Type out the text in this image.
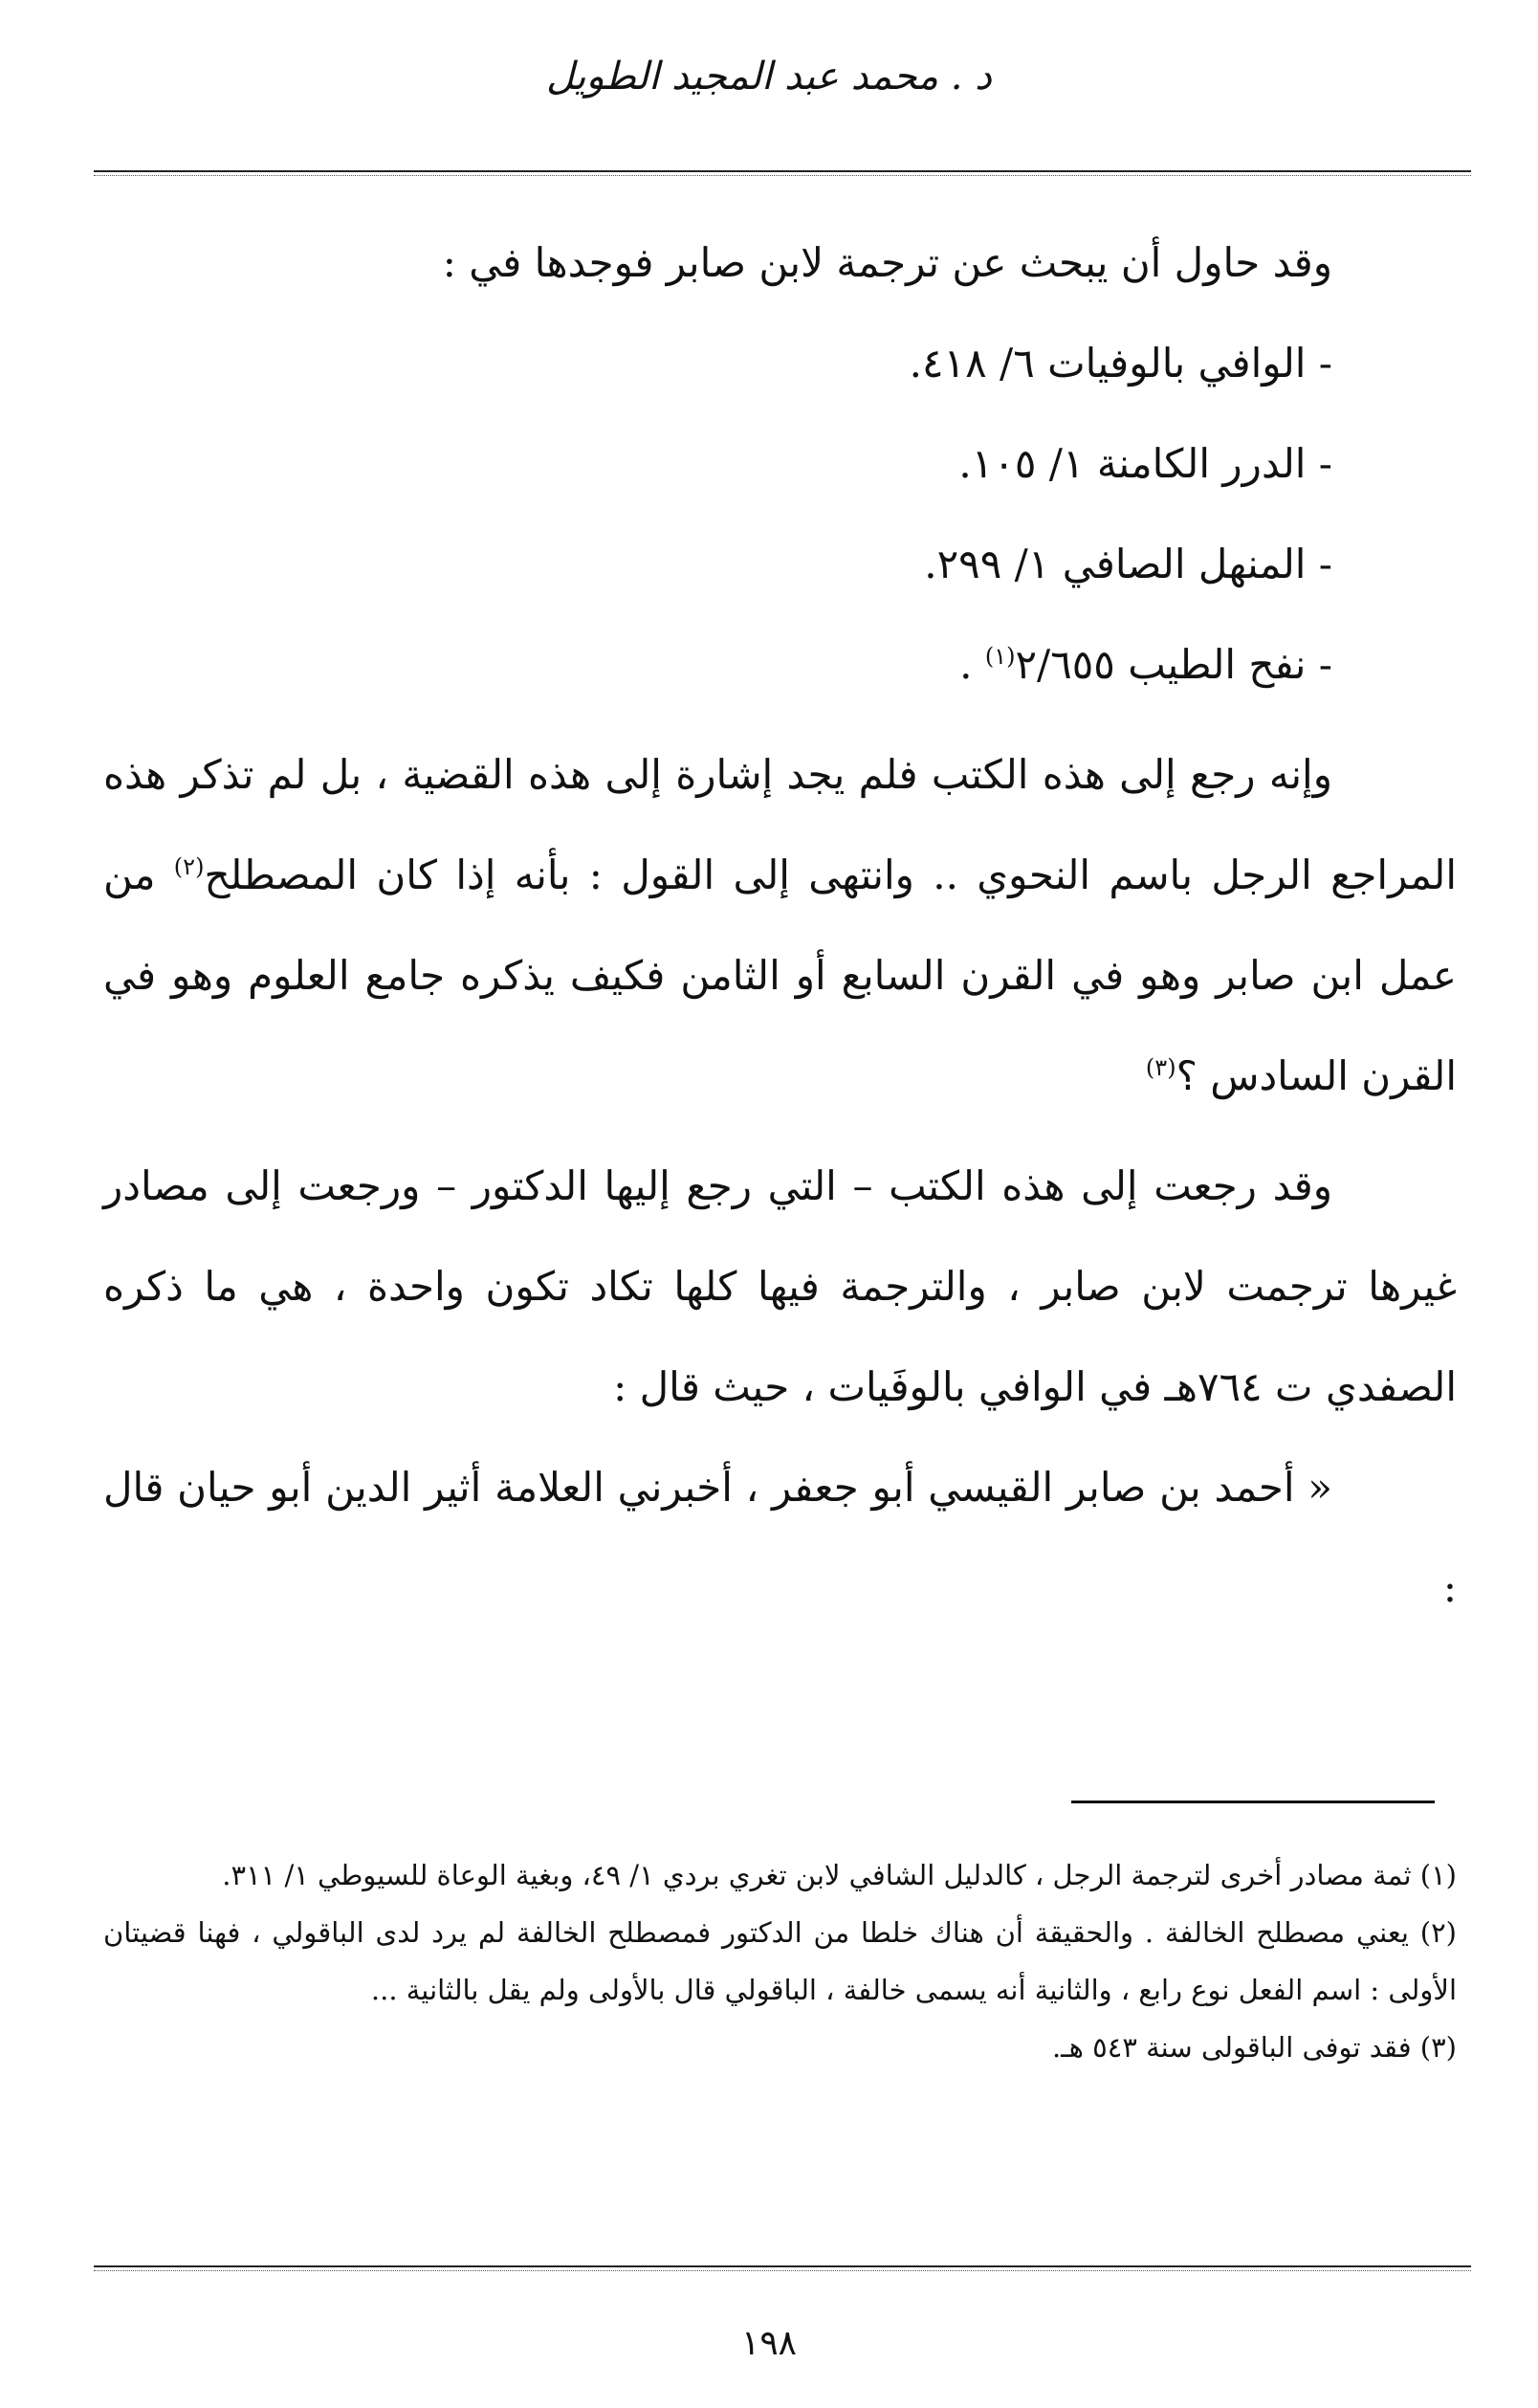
د . محمد عبد المجيد الطويل

وقد حاول أن يبحث عن ترجمة لابن صابر فوجدها في :

- الوافي بالوفيات ٦/ ٤١٨.

- الدرر الكامنة ١/ ١٠٥.

- المنهل الصافي ١/ ٢٩٩.

- نفح الطيب ٢/٦٥٥$^{(١)}$ .

وإنه رجع إلى هذه الكتب فلم يجد إشارة إلى هذه القضية ، بل لم تذكر هذه المراجع الرجل باسم النحوي .. وانتهى إلى القول : بأنه إذا كان المصطلح$^{(٢)}$ من عمل ابن صابر وهو في القرن السابع أو الثامن فكيف يذكره جامع العلوم وهو في القرن السادس ؟$^{(٣)}$

وقد رجعت إلى هذه الكتب – التي رجع إليها الدكتور – ورجعت إلى مصادر غيرها ترجمت لابن صابر ، والترجمة فيها كلها تكاد تكون واحدة ، هي ما ذكره الصفدي ت ٧٦٤هـ في الوافي بالوفَيات ، حيث قال :

« أحمد بن صابر القيسي أبو جعفر ، أخبرني العلامة أثير الدين أبو حيان قال :

(١) ثمة مصادر أخرى لترجمة الرجل ، كالدليل الشافي لابن تغري بردي ١/ ٤٩، وبغية الوعاة للسيوطي ١/ ٣١١.

(٢) يعني مصطلح الخالفة . والحقيقة أن هناك خلطا من الدكتور فمصطلح الخالفة لم يرد لدى الباقولي ، فهنا قضيتان الأولى : اسم الفعل نوع رابع ، والثانية أنه يسمى خالفة ، الباقولي قال بالأولى ولم يقل بالثانية ...

(٣) فقد توفى الباقولى سنة ٥٤٣ هـ.

١٩٨
